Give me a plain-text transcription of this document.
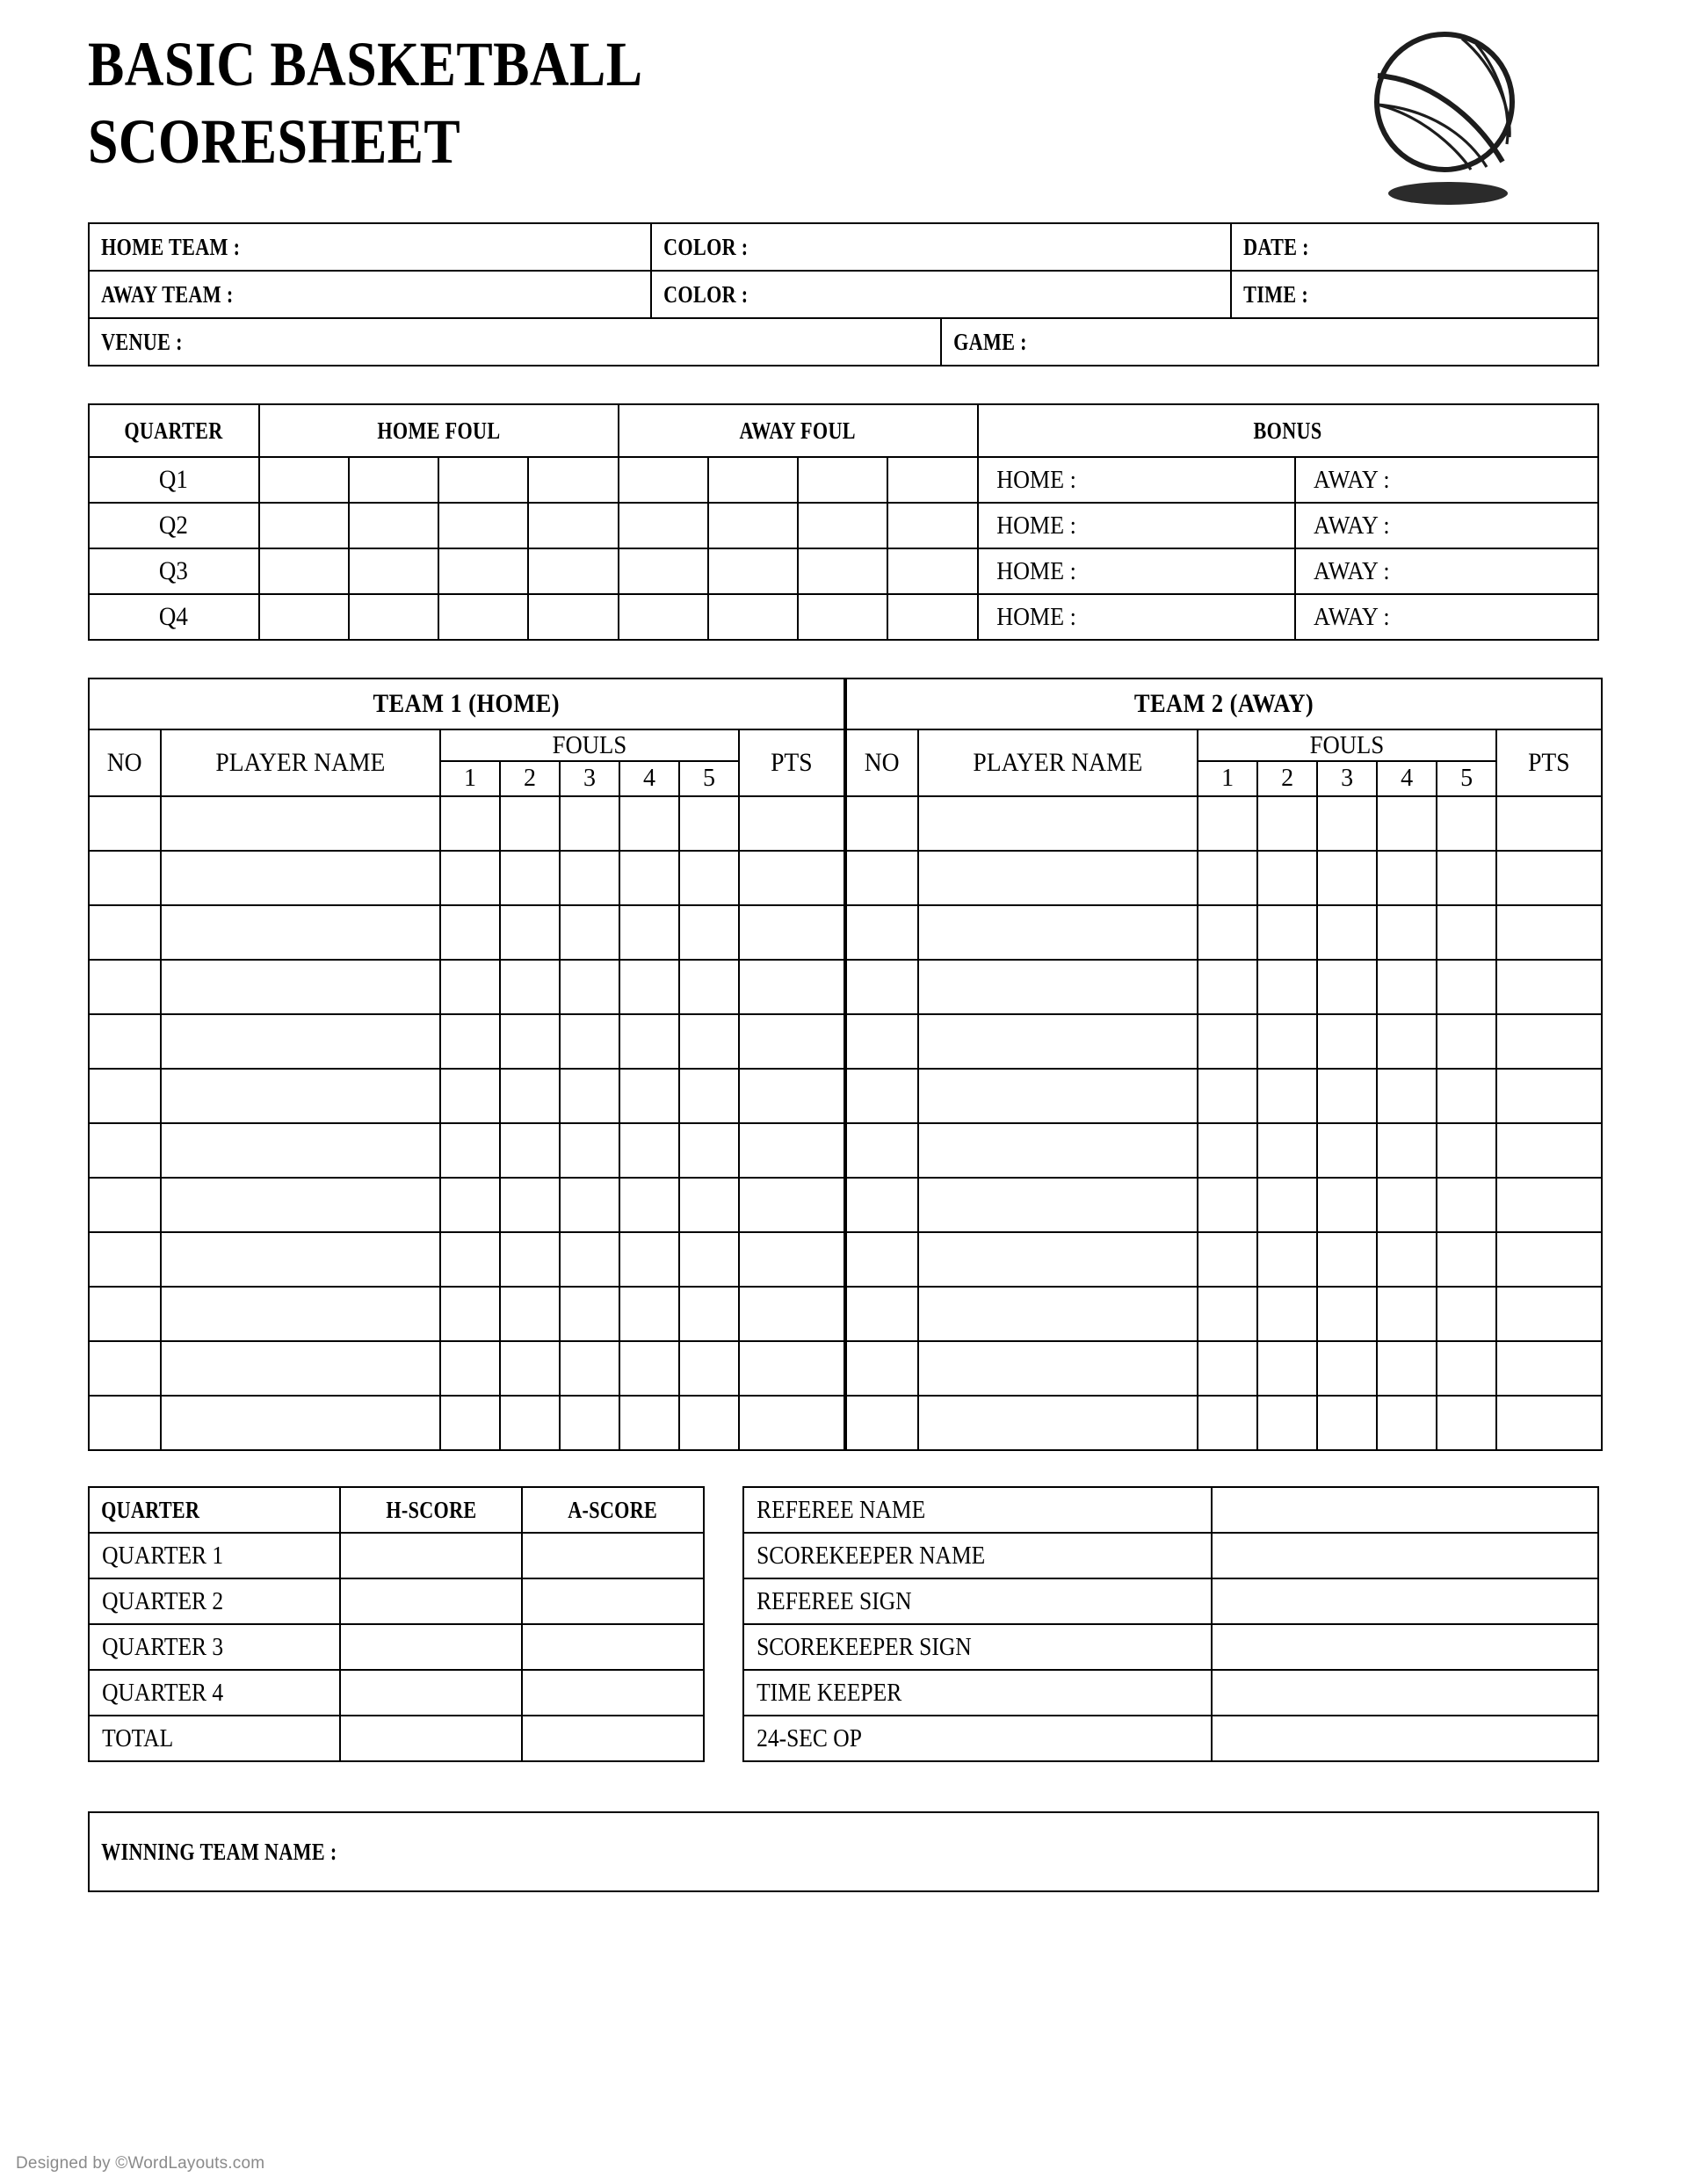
BASIC BASKETBALL
SCORESHEET
HOME TEAM :	COLOR :		DATE :
AWAY TEAM :	COLOR :		TIME :
VENUE :		GAME :	
QUARTER	HOME FOUL				AWAY FOUL				BONUS	
Q1									HOME :	AWAY :
Q2									HOME :	AWAY :
Q3									HOME :	AWAY :
Q4									HOME :	AWAY :
TEAM 1 (HOME)							
NO	PLAYER NAME	FOULS					PTS
		1	2	3	4	5	

TEAM 2 (AWAY)							
NO	PLAYER NAME	FOULS					PTS
		1	2	3	4	5	

QUARTER	H-SCORE	A-SCORE
QUARTER 1		
QUARTER 2		
QUARTER 3		
QUARTER 4		
TOTAL		
REFEREE NAME	
SCOREKEEPER NAME	
REFEREE SIGN	
SCOREKEEPER SIGN	
TIME KEEPER	
24-SEC OP	
WINNING TEAM NAME :
Designed by ©WordLayouts.com
